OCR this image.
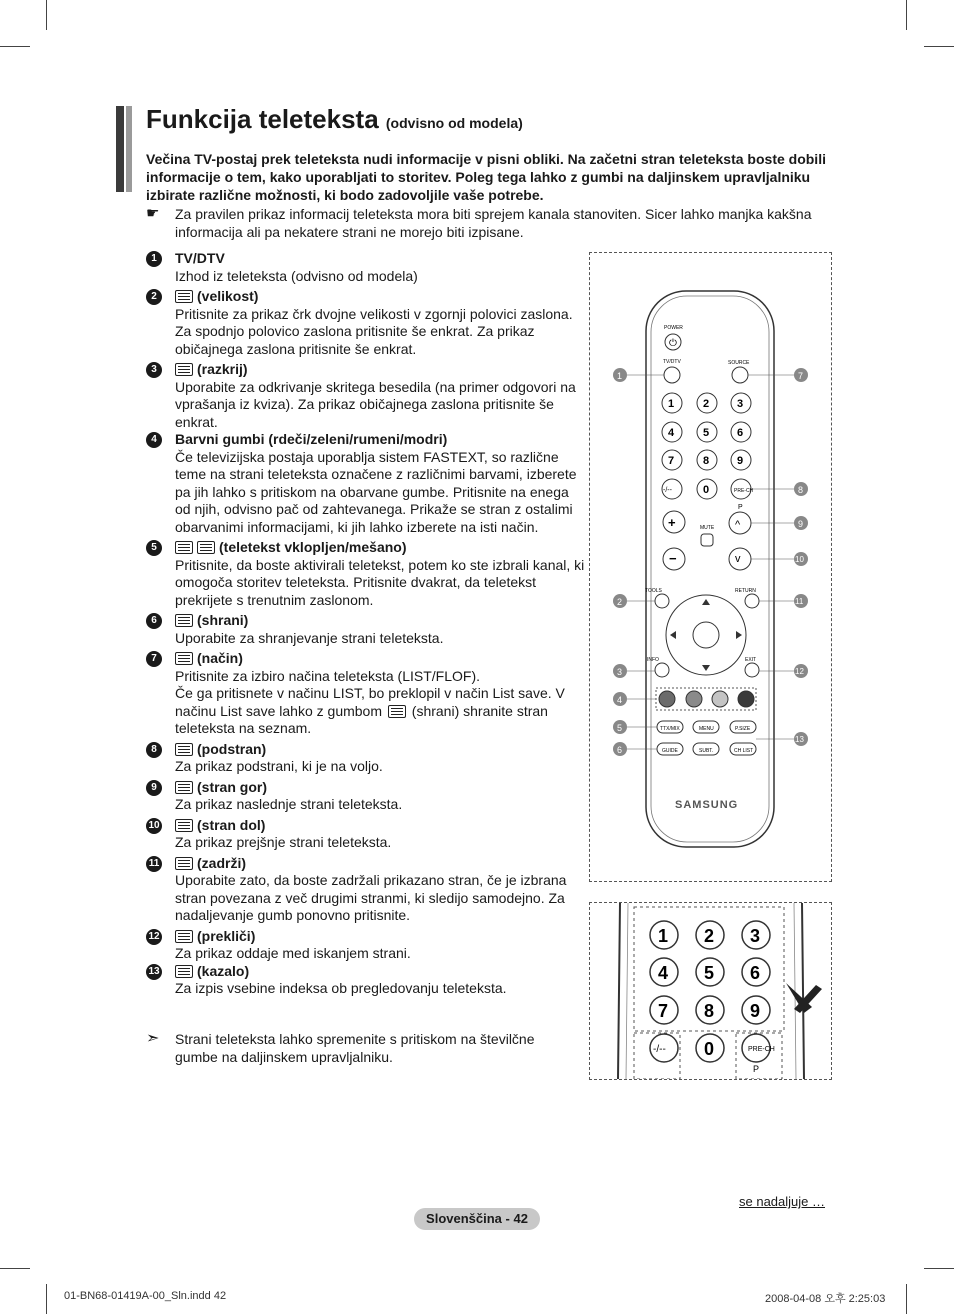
Funkcija teleteksta (odvisno od modela)
Večina TV-postaj prek teleteksta nudi informacije v pisni obliki. Na začetni stran teleteksta boste dobili informacije o tem, kako uporabljati to storitev. Poleg tega lahko z gumbi na daljinskem upravljalniku izbirate različne možnosti, ki bodo zadovoljile vaše potrebe.
☛ Za pravilen prikaz informacij teleteksta mora biti sprejem kanala stanoviten. Sicer lahko manjka kakšna informacija ali pa nekatere strani ne morejo biti izpisane.
1	TV/DTV
Izhod iz teleteksta (odvisno od modela)
2	(velikost)
Pritisnite za prikaz črk dvojne velikosti v zgornji polovici zaslona. Za spodnjo polovico zaslona pritisnite še enkrat. Za prikaz običajnega zaslona pritisnite še enkrat.
3	(razkrij)
Uporabite za odkrivanje skritega besedila (na primer odgovori na vprašanja iz kviza). Za prikaz običajnega zaslona pritisnite še enkrat.
4	Barvni gumbi (rdeči/zeleni/rumeni/modri)
Če televizijska postaja uporablja sistem FASTEXT, so različne teme na strani teleteksta označene z različnimi barvami, izberete pa jih lahko s pritiskom na obarvane gumbe. Pritisnite na enega od njih, odvisno pač od zahtevanega. Prikaže se stran z ostalimi obarvanimi informacijami, ki jih lahko izberete na isti način.
5	(teletekst vklopljen/mešano)
Pritisnite, da boste aktivirali teletekst, potem ko ste izbrali kanal, ki omogoča storitev teleteksta. Pritisnite dvakrat, da teletekst prekrijete s trenutnim zaslonom.
6	(shrani)
Uporabite za shranjevanje strani teleteksta.
7	(način)
Pritisnite za izbiro načina teleteksta (LIST/FLOF).
Če ga pritisnete v načinu LIST, bo preklopil v način List save. V načinu List save lahko z gumbom (shrani) shranite stran teleteksta na seznam.
8	(podstran)
Za prikaz podstrani, ki je na voljo.
9	(stran gor)
Za prikaz naslednje strani teleteksta.
10	(stran dol)
Za prikaz prejšnje strani teleteksta.
11	(zadrži)
Uporabite zato, da boste zadržali prikazano stran, če je izbrana stran povezana z več drugimi stranmi, ki sledijo samodejno. Za nadaljevanje gumb ponovno pritisnite.
12	(prekliči)
Za prikaz oddaje med iskanjem strani.
13	(kazalo)
Za izpis vsebine indeksa ob pregledovanju teleteksta.
➣ Strani teleteksta lahko spremenite s pritiskom na številčne gumbe na daljinskem upravljalniku.
POWER
⏻
TV/DTV	SOURCE
1	2	3
4	5	6
7	8	9
-/--	0	PRE-CH
P
+	MUTE ^
−	v
TOOLS	RETURN
INFO	EXIT
TTX/MIX	MENU	P.SIZE
GUIDE	SUBT.	CH LIST
SAMSUNG
1
2
3
4
5
6
7
8
9
10
11
12
13
1 2 3
4 5 6
7 8 9
-/-- 0	PRE-CH
P
se nadaljuje …
Slovenščina - 42
01-BN68-01419A-00_Sln.indd 42	2008-04-08 오후 2:25:03
